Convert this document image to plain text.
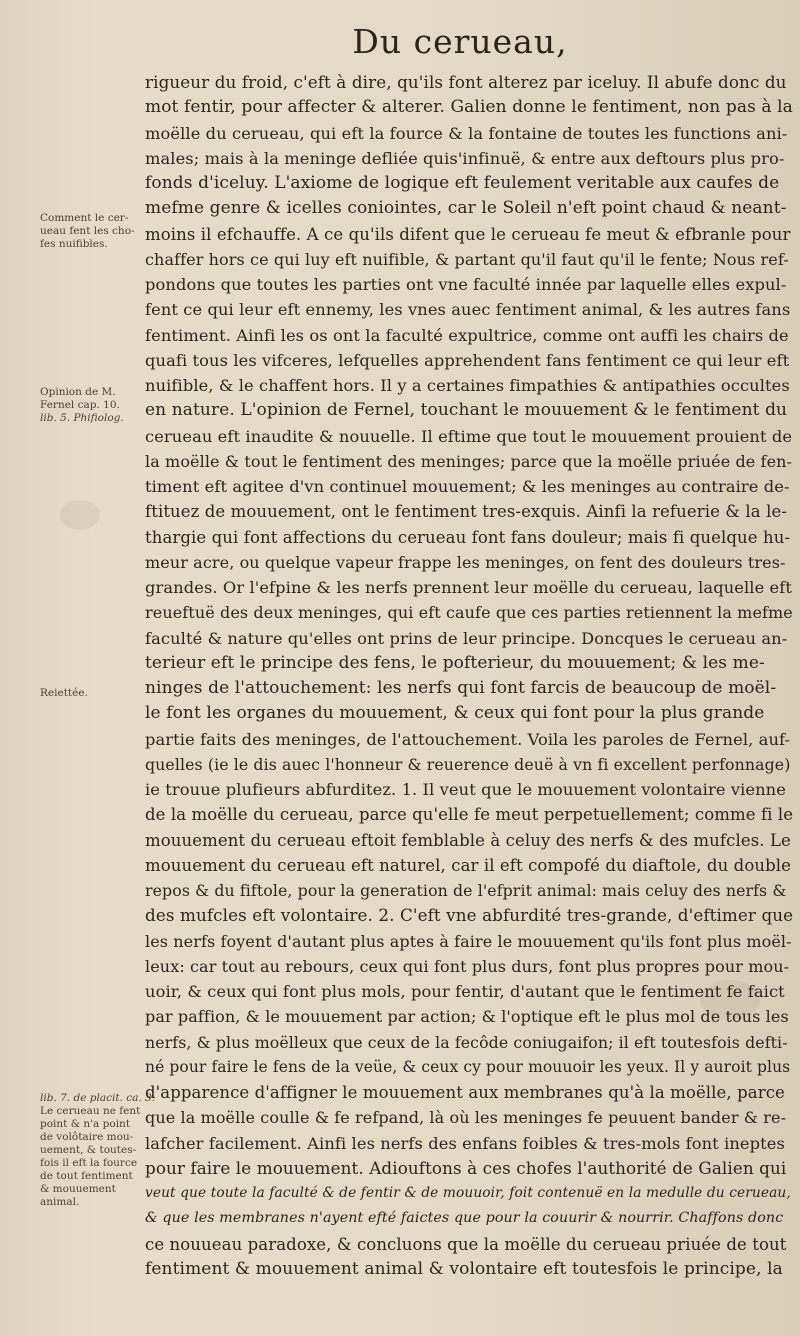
Du cerueau,
Comment le cer-
ueau fent les cho-
fes nuifibles.
Opinion de M.
Fernel cap. 10.
lib. 5. Phifiolog.
Reiettée.
lib. 7. de placit. ca. 3.
Le cerueau ne fent
point & n'a point
de volôtaire mou-
uement, & toutes-
fois il eft la fource
de tout fentiment
& mouuement
animal.
rigueur du froid, c'eft à dire, qu'ils font alterez par iceluy. Il abufe donc du
mot fentir, pour affecter & alterer. Galien donne le fentiment, non pas à la
moëlle du cerueau, qui eft la fource & la fontaine de toutes les functions ani-
males; mais à la meninge defliée quis'infinuë, & entre aux deftours plus pro-
fonds d'iceluy. L'axiome de logique eft feulement veritable aux caufes de
mefme genre & icelles coniointes, car le Soleil n'eft point chaud & neant-
moins il efchauffe. A ce qu'ils difent que le cerueau fe meut & efbranle pour
chaffer hors ce qui luy eft nuifible, & partant qu'il faut qu'il le fente; Nous ref-
pondons que toutes les parties ont vne faculté innée par laquelle elles expul-
fent ce qui leur eft ennemy, les vnes auec fentiment animal, & les autres fans
fentiment. Ainfi les os ont la faculté expultrice, comme ont auffi les chairs de
quafi tous les vifceres, lefquelles apprehendent fans fentiment ce qui leur eft
nuifible, & le chaffent hors. Il y a certaines fimpathies & antipathies occultes
en nature. L'opinion de Fernel, touchant le mouuement & le fentiment du
cerueau eft inaudite & nouuelle. Il eftime que tout le mouuement prouient de
la moëlle & tout le fentiment des meninges; parce que la moëlle priuée de fen-
timent eft agitee d'vn continuel mouuement; & les meninges au contraire de-
ftituez de mouuement, ont le fentiment tres-exquis. Ainfi la refuerie & la le-
thargie qui font affections du cerueau font fans douleur; mais fi quelque hu-
meur acre, ou quelque vapeur frappe les meninges, on fent des douleurs tres-
grandes. Or l'efpine & les nerfs prennent leur moëlle du cerueau, laquelle eft
reueftuë des deux meninges, qui eft caufe que ces parties retiennent la mefme
faculté & nature qu'elles ont prins de leur principe. Doncques le cerueau an-
terieur eft le principe des fens, le pofterieur, du mouuement; & les me-
ninges de l'attouchement: les nerfs qui font farcis de beaucoup de moël-
le font les organes du mouuement, & ceux qui font pour la plus grande
partie faits des meninges, de l'attouchement. Voila les paroles de Fernel, auf-
quelles (ie le dis auec l'honneur & reuerence deuë à vn fi excellent perfonnage)
ie trouue plufieurs abfurditez. 1. Il veut que le mouuement volontaire vienne
de la moëlle du cerueau, parce qu'elle fe meut perpetuellement; comme fi le
mouuement du cerueau eftoit femblable à celuy des nerfs & des mufcles. Le
mouuement du cerueau eft naturel, car il eft compofé du diaftole, du double
repos & du fiftole, pour la generation de l'efprit animal: mais celuy des nerfs &
des mufcles eft volontaire. 2. C'eft vne abfurdité tres-grande, d'eftimer que
les nerfs foyent d'autant plus aptes à faire le mouuement qu'ils font plus moël-
leux: car tout au rebours, ceux qui font plus durs, font plus propres pour mou-
uoir, & ceux qui font plus mols, pour fentir, d'autant que le fentiment fe faict
par paffion, & le mouuement par action; & l'optique eft le plus mol de tous les
nerfs, & plus moëlleux que ceux de la fecôde coniugaifon; il eft toutesfois defti-
né pour faire le fens de la veüe, & ceux cy pour mouuoir les yeux. Il y auroit plus
d'apparence d'affigner le mouuement aux membranes qu'à la moëlle, parce
que la moëlle coulle & fe refpand, là où les meninges fe peuuent bander & re-
lafcher facilement. Ainfi les nerfs des enfans foibles & tres-mols font ineptes
pour faire le mouuement. Adiouftons à ces chofes l'authorité de Galien qui
veut que toute la faculté & de fentir & de mouuoir, foit contenuë en la medulle du cerueau,
& que les membranes n'ayent efté faictes que pour la couurir & nourrir. Chaffons donc
ce nouueau paradoxe, & concluons que la moëlle du cerueau priuée de tout
fentiment & mouuement animal & volontaire eft toutesfois le principe, la
